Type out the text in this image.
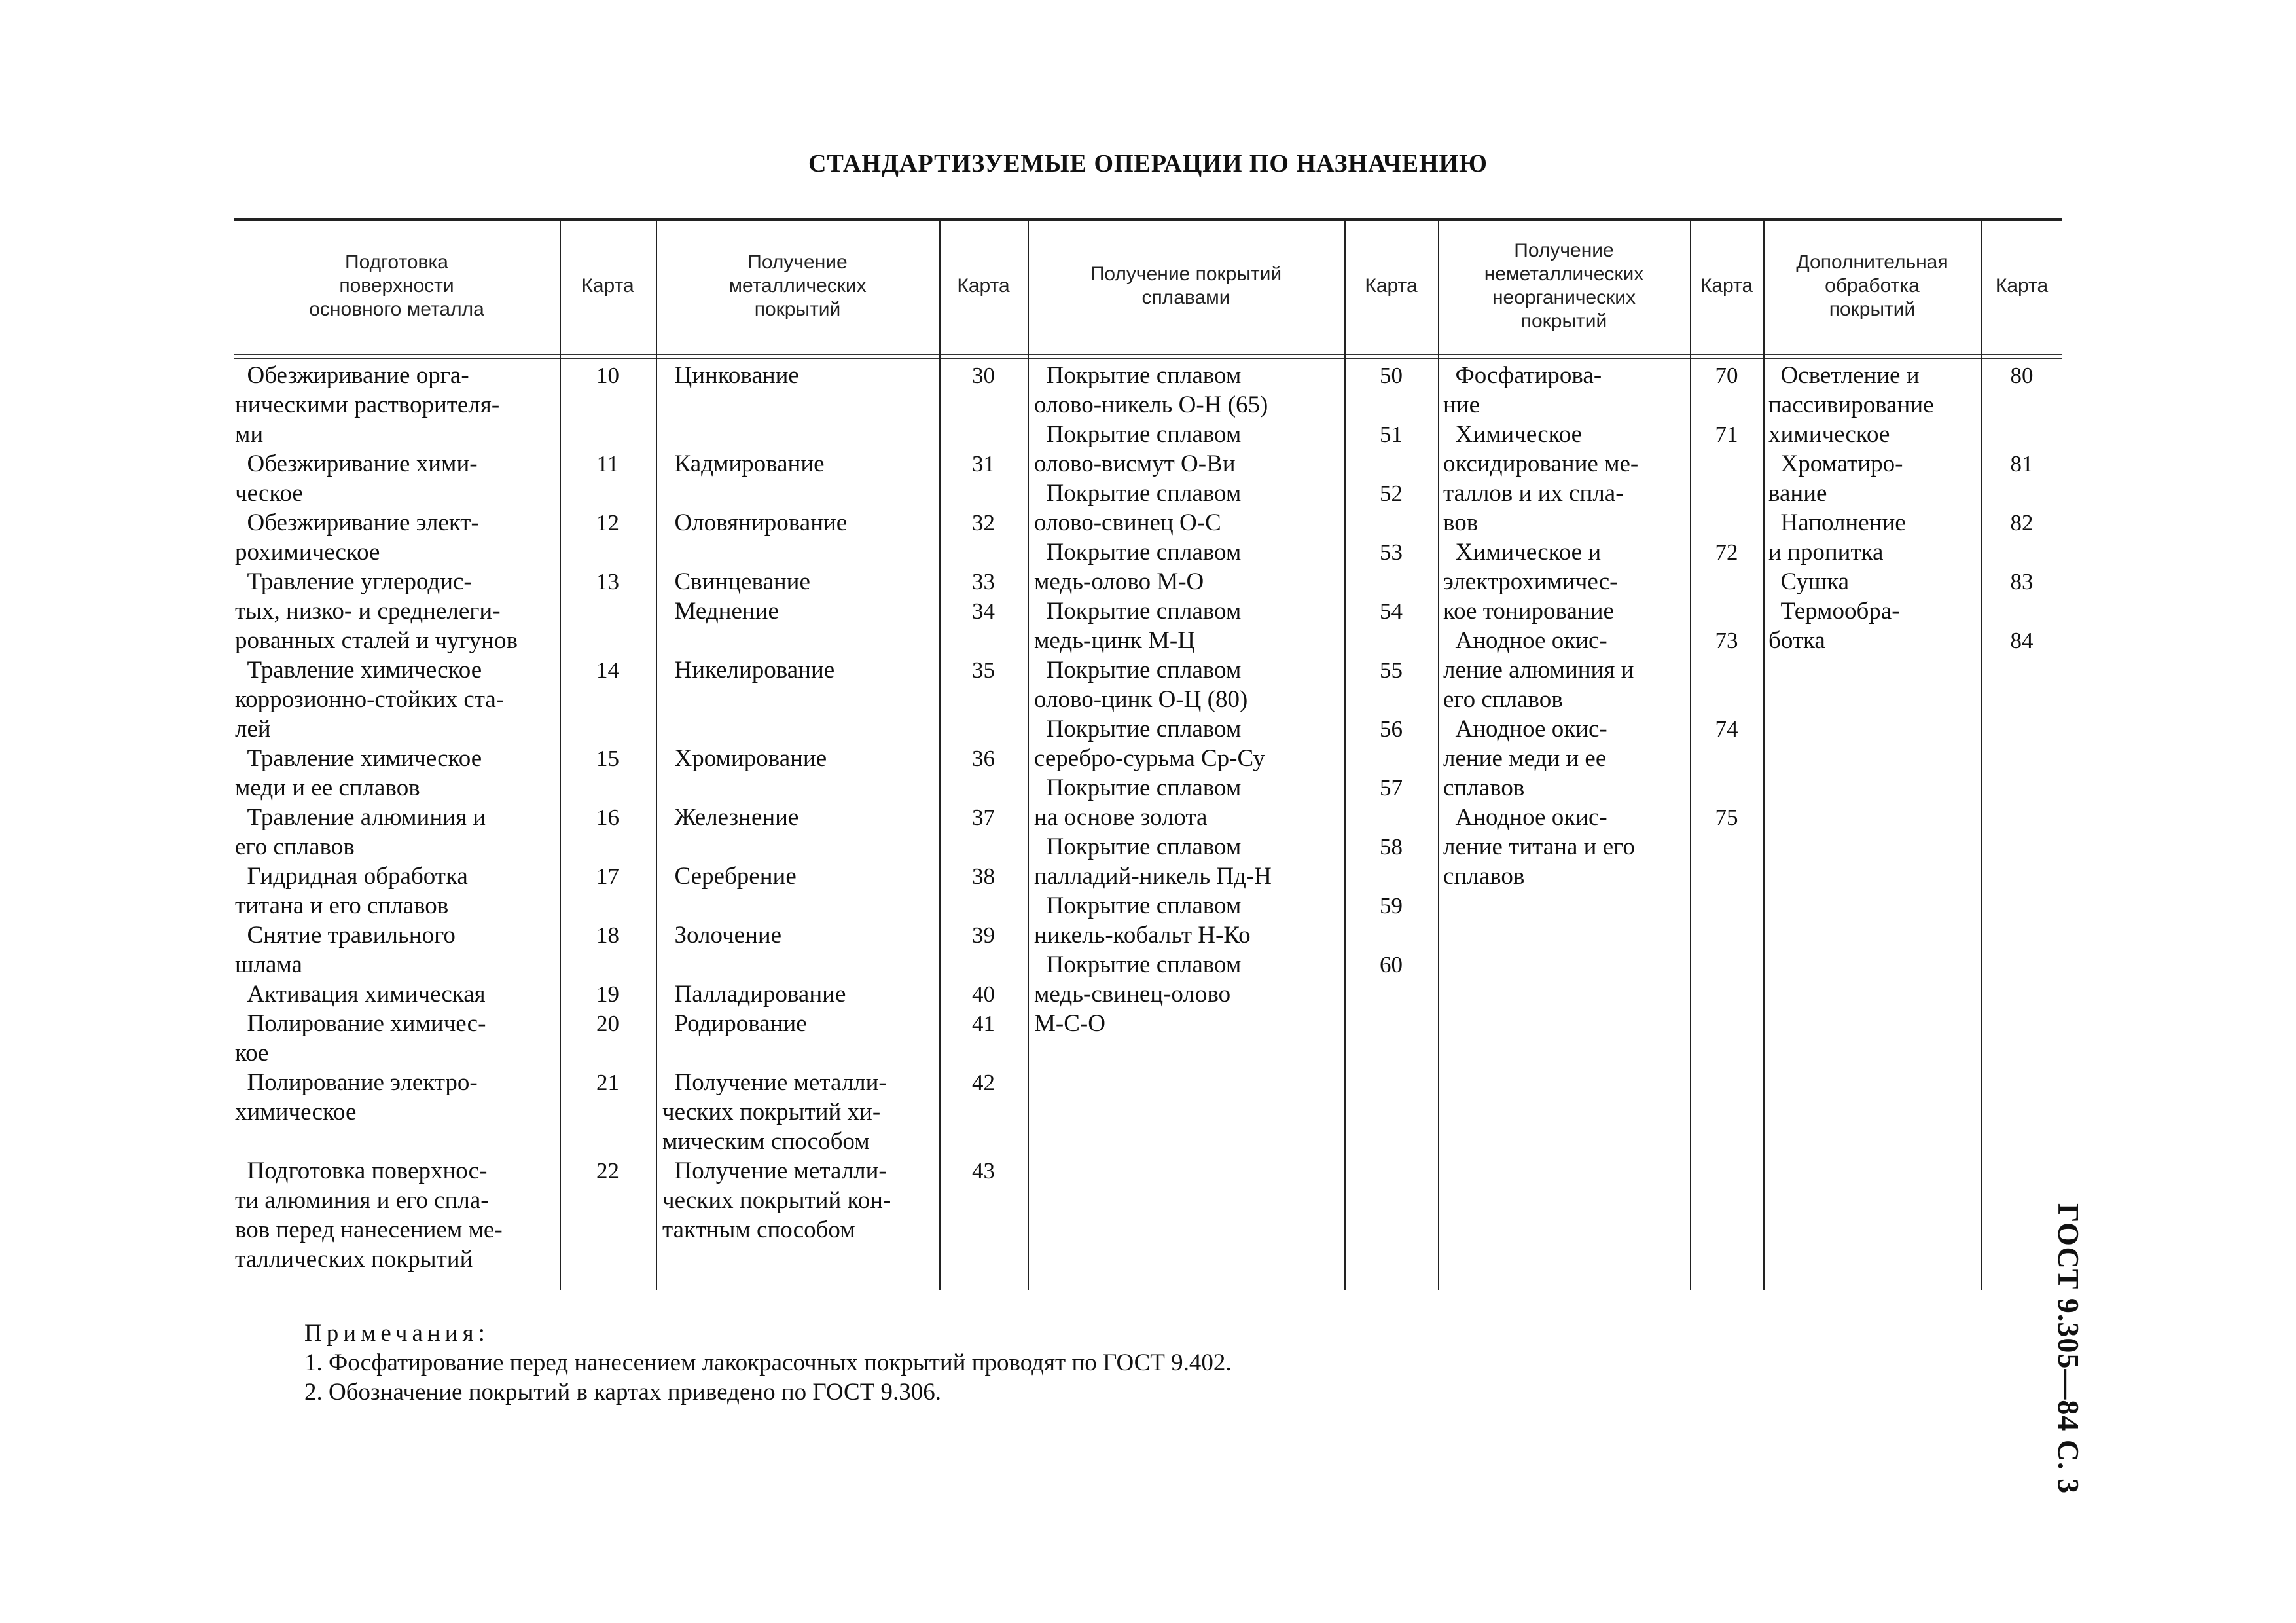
СТАНДАРТИЗУЕМЫЕ ОПЕРАЦИИ ПО НАЗНАЧЕНИЮ
Подготовка
поверхности
основного металла
Карта
Получение
металлических
покрытий
Карта
Получение покрытий
сплавами
Карта
Получение
неметаллических
неорганических
покрытий
Карта
Дополнительная
обработка
покрытий
Карта
Обезжиривание орга-
ническими растворителя-
ми
Обезжиривание хими-
ческое
Обезжиривание элект-
рохимическое
Травление углеродис-
тых, низко- и среднелеги-
рованных сталей и чугунов
Травление химическое
коррозионно-стойких ста-
лей
Травление химическое
меди и ее сплавов
Травление алюминия и
его сплавов
Гидридная обработка
титана и его сплавов
Снятие травильного
шлама
Активация химическая
Полирование химичес-
кое
Полирование электро-
химическое

Подготовка поверхнос-
ти алюминия и его спла-
вов перед нанесением ме-
таллических покрытий
10

11

12

13

14

15

16

17

18

19
20

21

22
Цинкование

Кадмирование

Оловянирование

Свинцевание
Меднение

Никелирование

Хромирование

Железнение

Серебрение

Золочение

Палладирование
Родирование

Получение металли-
ческих покрытий хи-
мическим способом
Получение металли-
ческих покрытий кон-
тактным способом
30

31

32

33
34

35

36

37

38

39

40
41

42

43
Покрытие сплавом
олово-никель О-Н (65)
Покрытие сплавом
олово-висмут О-Ви
Покрытие сплавом
олово-свинец О-С
Покрытие сплавом
медь-олово М-О
Покрытие сплавом
медь-цинк М-Ц
Покрытие сплавом
олово-цинк О-Ц (80)
Покрытие сплавом
серебро-сурьма Ср-Су
Покрытие сплавом
на основе золота
Покрытие сплавом
палладий-никель Пд-Н
Покрытие сплавом
никель-кобальт Н-Ко
Покрытие сплавом
медь-свинец-олово
М-С-О
50

51

52

53

54

55

56

57

58

59

60
Фосфатирова-
ние
Химическое
оксидирование ме-
таллов и их спла-
вов
Химическое и
электрохимичес-
кое тонирование
Анодное окис-
ление алюминия и
его сплавов
Анодное окис-
ление меди и ее
сплавов
Анодное окис-
ление титана и его
сплавов
70

71

72

73

74

75
Осветление и
пассивирование
химическое
Хроматиро-
вание
Наполнение
и пропитка
Сушка
Термообра-
ботка
80

81

82

83

84
Примечания:
1. Фосфатирование перед нанесением лакокрасочных покрытий проводят по ГОСТ 9.402.
2. Обозначение покрытий в картах приведено по ГОСТ 9.306.	ГОСТ 9.305—84 С. 3
